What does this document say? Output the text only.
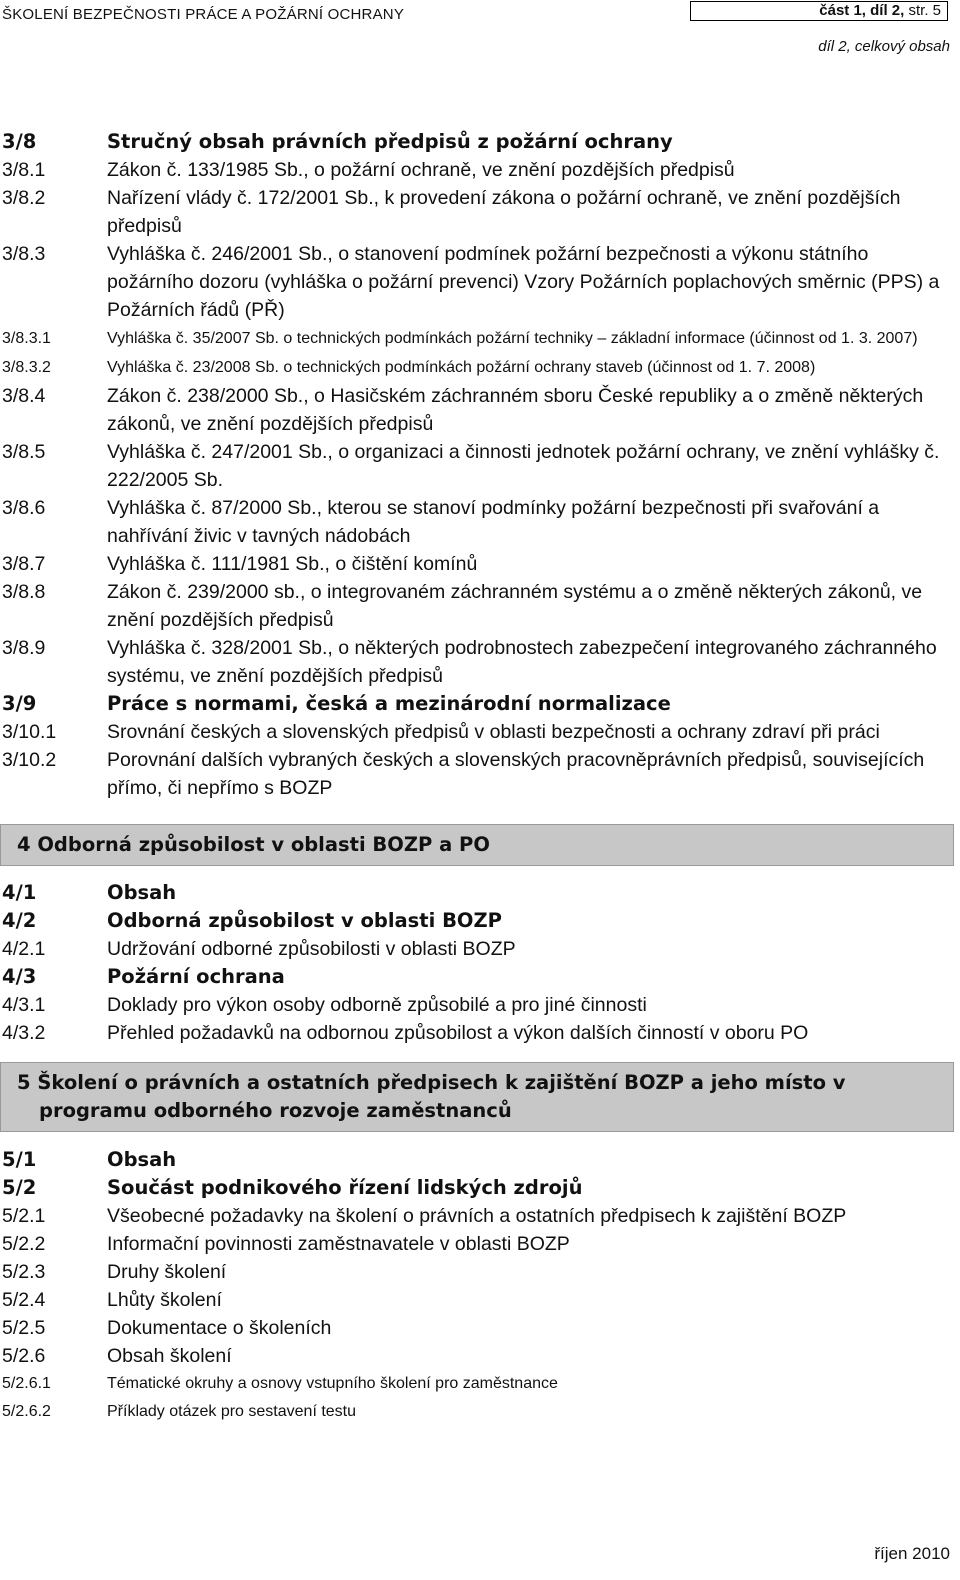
ŠKOLENÍ BEZPEČNOSTI PRÁCE A POŽÁRNÍ OCHRANY	část 1, díl 2, str. 5
díl 2, celkový obsah
3/8	Stručný obsah právních předpisů z požární ochrany
3/8.1	Zákon č. 133/1985 Sb., o požární ochraně, ve znění pozdějších předpisů
3/8.2	Nařízení vlády č. 172/2001 Sb., k provedení zákona o požární ochraně, ve znění pozdějších předpisů
3/8.3	Vyhláška č. 246/2001 Sb., o stanovení podmínek požární bezpečnosti a výkonu státního požárního dozoru (vyhláška o požární prevenci) Vzory Požárních poplachových směrnic (PPS) a Požárních řádů (PŘ)
3/8.3.1	Vyhláška č. 35/2007 Sb. o technických podmínkách požární techniky – základní informace (účinnost od 1. 3. 2007)
3/8.3.2	Vyhláška č. 23/2008 Sb. o technických podmínkách požární ochrany staveb (účinnost od 1. 7. 2008)
3/8.4	Zákon č. 238/2000 Sb., o Hasičském záchranném sboru České republiky a o změně některých zákonů, ve znění pozdějších předpisů
3/8.5	Vyhláška č. 247/2001 Sb., o organizaci a činnosti jednotek požární ochrany, ve znění vyhlášky č. 222/2005 Sb.
3/8.6	Vyhláška č. 87/2000 Sb., kterou se stanoví podmínky požární bezpečnosti při svařování a nahřívání živic v tavných nádobách
3/8.7	Vyhláška č. 111/1981 Sb., o čištění komínů
3/8.8	Zákon č. 239/2000 sb., o integrovaném záchranném systému a o změně některých zákonů, ve znění pozdějších předpisů
3/8.9	Vyhláška č. 328/2001 Sb., o některých podrobnostech zabezpečení integrovaného záchranného systému, ve znění pozdějších předpisů
3/9	Práce s normami, česká a mezinárodní normalizace
3/10.1	Srovnání českých a slovenských předpisů v oblasti bezpečnosti a ochrany zdraví při práci
3/10.2	Porovnání dalších vybraných českých a slovenských pracovněprávních předpisů, souvisejících přímo, či nepřímo s BOZP
4 Odborná způsobilost v oblasti BOZP a PO
4/1	Obsah
4/2	Odborná způsobilost v oblasti BOZP
4/2.1	Udržování odborné způsobilosti v oblasti BOZP
4/3	Požární ochrana
4/3.1	Doklady pro výkon osoby odborně způsobilé a pro jiné činnosti
4/3.2	Přehled požadavků na odbornou způsobilost a výkon dalších činností v oboru PO
5 Školení o právních a ostatních předpisech k zajištění BOZP a jeho místo v programu odborného rozvoje zaměstnanců
5/1	Obsah
5/2	Součást podnikového řízení lidských zdrojů
5/2.1	Všeobecné požadavky na školení o právních a ostatních předpisech k zajištění BOZP
5/2.2	Informační povinnosti zaměstnavatele v oblasti BOZP
5/2.3	Druhy školení
5/2.4	Lhůty školení
5/2.5	Dokumentace o školeních
5/2.6	Obsah školení
5/2.6.1	Tématické okruhy a osnovy vstupního školení pro zaměstnance
5/2.6.2	Příklady otázek pro sestavení testu
říjen 2010
